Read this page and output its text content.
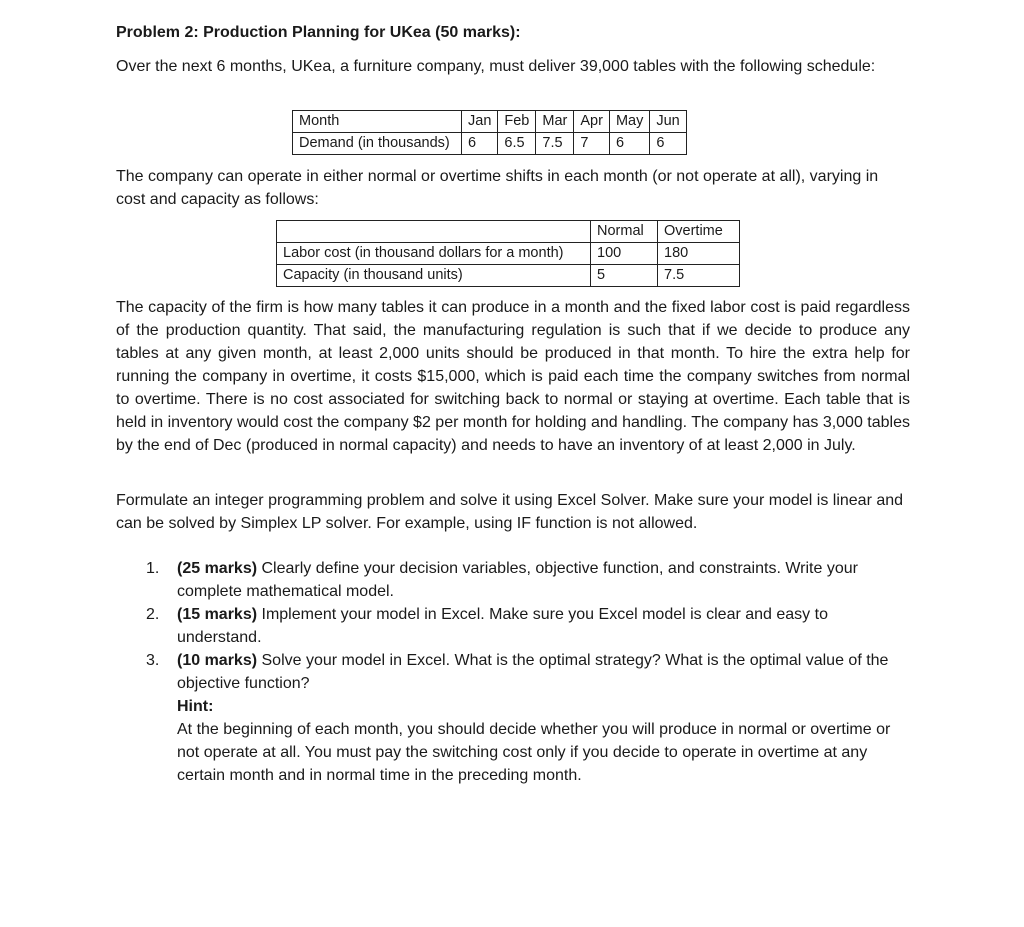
Problem 2: Production Planning for UKea (50 marks):

Over the next 6 months, UKea, a furniture company, must deliver 39,000 tables with the following schedule:

Month	Jan	Feb	Mar	Apr	May	Jun
Demand (in thousands)	6	6.5	7.5	7	6	6

The company can operate in either normal or overtime shifts in each month (or not operate at all), varying in cost and capacity as follows:

	Normal	Overtime
Labor cost (in thousand dollars for a month)	100	180
Capacity (in thousand units)	5	7.5

The capacity of the firm is how many tables it can produce in a month and the fixed labor cost is paid regardless of the production quantity. That said, the manufacturing regulation is such that if we decide to produce any tables at any given month, at least 2,000 units should be produced in that month. To hire the extra help for running the company in overtime, it costs $15,000, which is paid each time the company switches from normal to overtime. There is no cost associated for switching back to normal or staying at overtime. Each table that is held in inventory would cost the company $2 per month for holding and handling. The company has 3,000 tables by the end of Dec (produced in normal capacity) and needs to have an inventory of at least 2,000 in July.

Formulate an integer programming problem and solve it using Excel Solver. Make sure your model is linear and can be solved by Simplex LP solver. For example, using IF function is not allowed.

1. (25 marks) Clearly define your decision variables, objective function, and constraints. Write your complete mathematical model.
2. (15 marks) Implement your model in Excel. Make sure you Excel model is clear and easy to understand.
3. (10 marks) Solve your model in Excel. What is the optimal strategy? What is the optimal value of the objective function?
Hint:
At the beginning of each month, you should decide whether you will produce in normal or overtime or not operate at all. You must pay the switching cost only if you decide to operate in overtime at any certain month and in normal time in the preceding month.
